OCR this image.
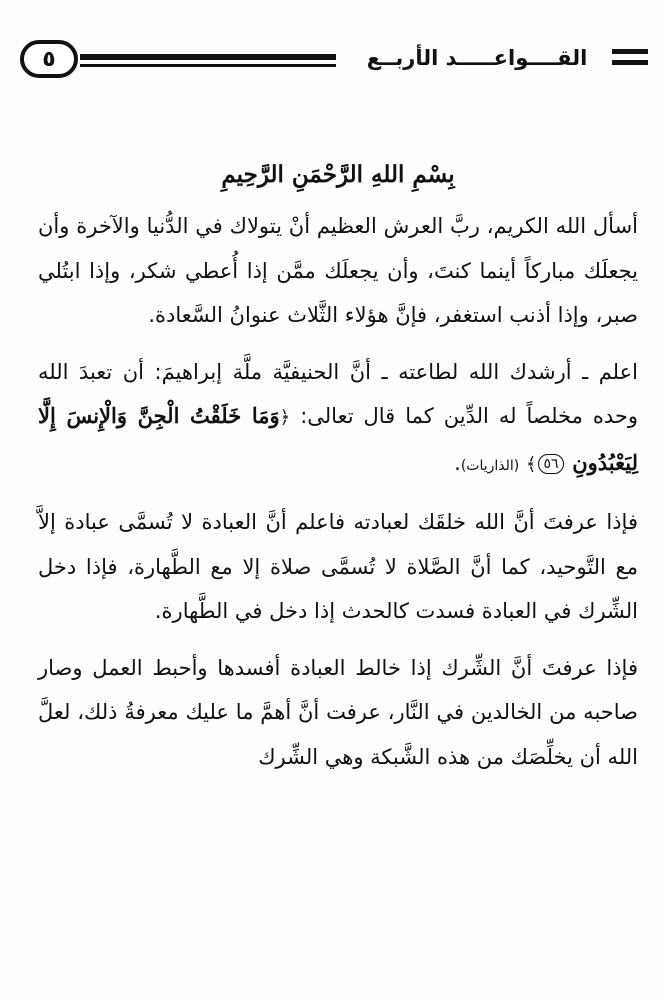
٥	القــــواعـــــد الأربــع
بِسْمِ اللهِ الرَّحْمَنِ الرَّحِيمِ

أسأل الله الكريم، ربَّ العرش العظيم أنْ يتولاك في الدُّنيا والآخرة وأن يجعلَك مباركاً أينما كنتَ، وأن يجعلَك ممَّن إذا أُعطي شكر، وإذا ابتُلي صبر، وإذا أذنب استغفر، فإنَّ هؤلاء الثَّلاث عنوانُ السَّعادة.

اعلم ـ أرشدك الله لطاعته ـ أنَّ الحنيفيَّة ملَّة إبراهيمَ: أن تعبدَ الله وحده مخلصاً له الدِّين كما قال تعالى: ﴿وَمَا خَلَقْتُ الْجِنَّ وَالْإِنسَ إِلَّا لِيَعْبُدُونِ ٥٦﴾ (الذاريات).

فإذا عرفتَ أنَّ الله خلقَك لعبادته فاعلم أنَّ العبادة لا تُسمَّى عبادة إلاَّ مع التَّوحيد، كما أنَّ الصَّلاة لا تُسمَّى صلاة إلا مع الطَّهارة، فإذا دخل الشِّرك في العبادة فسدت كالحدث إذا دخل في الطَّهارة.

فإذا عرفتَ أنَّ الشِّرك إذا خالط العبادة أفسدها وأحبط العمل وصار صاحبه من الخالدين في النَّار، عرفت أنَّ أهمَّ ما عليك معرفةُ ذلك، لعلَّ الله أن يخلِّصَك من هذه الشَّبكة وهي الشِّرك
